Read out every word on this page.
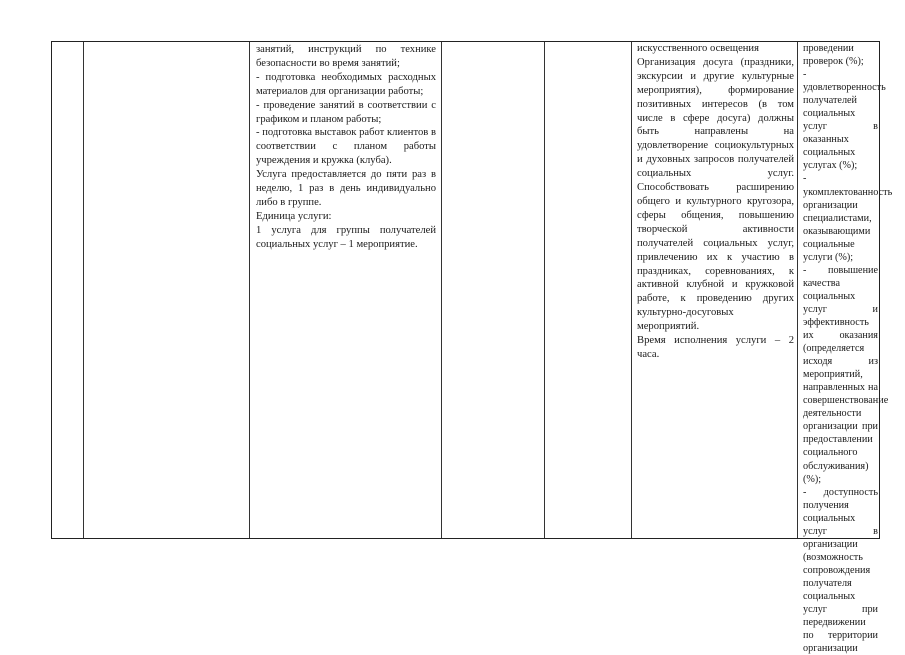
занятий, инструкций по технике безопасности во время занятий;

- подготовка необходимых расходных материалов для организации работы;

- проведение занятий в соответствии с графиком и планом работы;

- подготовка выставок работ клиентов в соответствии с планом работы учреждения и кружка (клуба).

Услуга предоставляется до пяти раз в неделю, 1 раз в день индивидуально либо в группе.

Единица услуги:

1 услуга для группы получателей социальных услуг – 1 мероприятие.

искусственного освещения

Организация досуга (праздники, экскурсии и другие культурные мероприятия), формирование позитивных интересов (в том числе в сфере досуга) должны быть направлены на удовлетворение социокультурных и духовных запросов получателей социальных услуг. Способствовать расширению общего и культурного кругозора, сферы общения, повышению творческой активности получателей социальных услуг, привлечению их к участию в праздниках, соревнованиях, к активной клубной и кружковой работе, к проведению других культурно-досуговых мероприятий.

Время исполнения услуги – 2 часа.

проведении проверок (%);

- удовлетворенность получателей социальных услуг в оказанных социальных услугах (%);

- укомплектованность организации специалистами, оказывающими социальные услуги (%);

- повышение качества социальных услуг и эффективность их оказания (определяется исходя из мероприятий, направленных на совершенствование деятельности организации при предоставлении социального обслуживания) (%);

- доступность получения социальных услуг в организации (возможность сопровождения получателя социальных услуг при передвижении по территории организации
